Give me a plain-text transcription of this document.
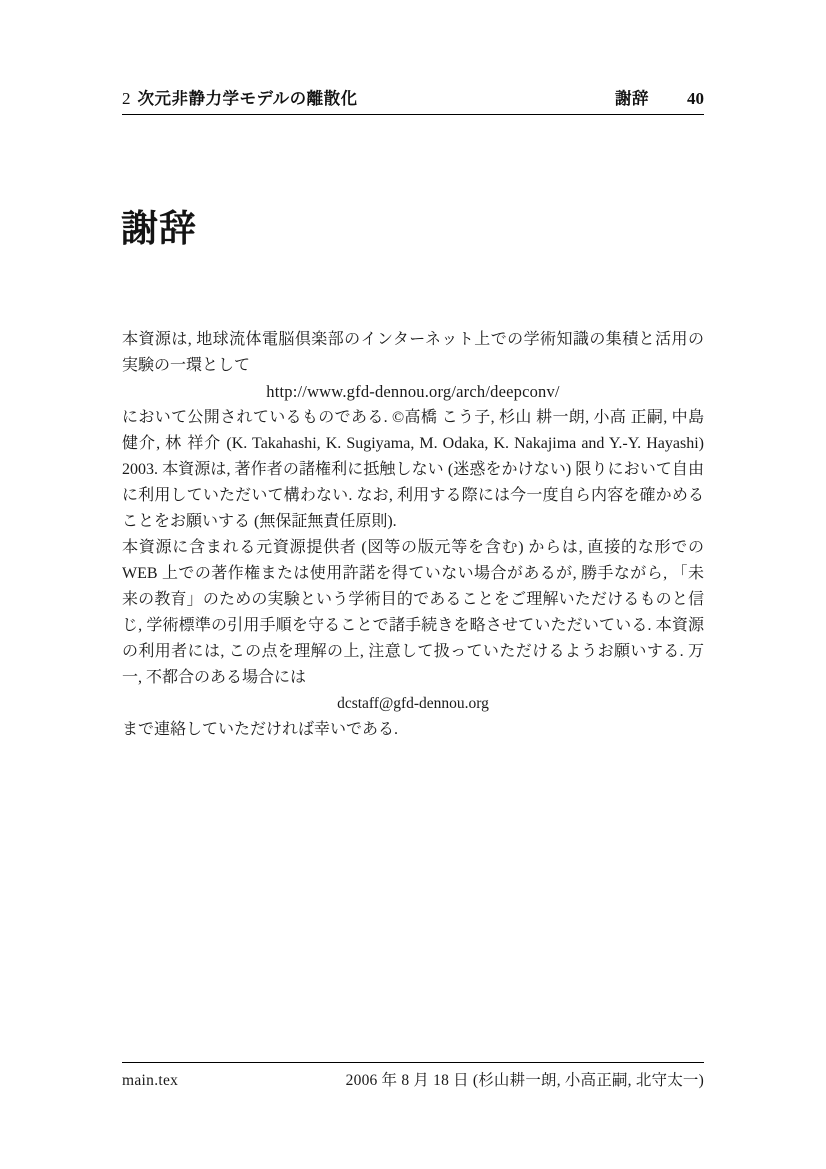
2 次元非静力学モデルの離散化	謝辞 40
謝辞

本資源は, 地球流体電脳倶楽部のインターネット上での学術知識の集積と活用の実験の一環として

http://www.gfd-dennou.org/arch/deepconv/

において公開されているものである. ©高橋 こう子, 杉山 耕一朗, 小高 正嗣, 中島 健介, 林 祥介 (K. Takahashi, K. Sugiyama, M. Odaka, K. Nakajima and Y.-Y. Hayashi) 2003. 本資源は, 著作者の諸権利に抵触しない (迷惑をかけない) 限りにおいて自由に利用していただいて構わない. なお, 利用する際には今一度自ら内容を確かめることをお願いする (無保証無責任原則).

本資源に含まれる元資源提供者 (図等の版元等を含む) からは, 直接的な形での WEB 上での著作権または使用許諾を得ていない場合があるが, 勝手ながら, 「未来の教育」のための実験という学術目的であることをご理解いただけるものと信じ, 学術標準の引用手順を守ることで諸手続きを略させていただいている. 本資源の利用者には, この点を理解の上, 注意して扱っていただけるようお願いする. 万一, 不都合のある場合には

dcstaff@gfd-dennou.org

まで連絡していただければ幸いである.

main.tex	2006 年 8 月 18 日 (杉山耕一朗, 小高正嗣, 北守太一)
